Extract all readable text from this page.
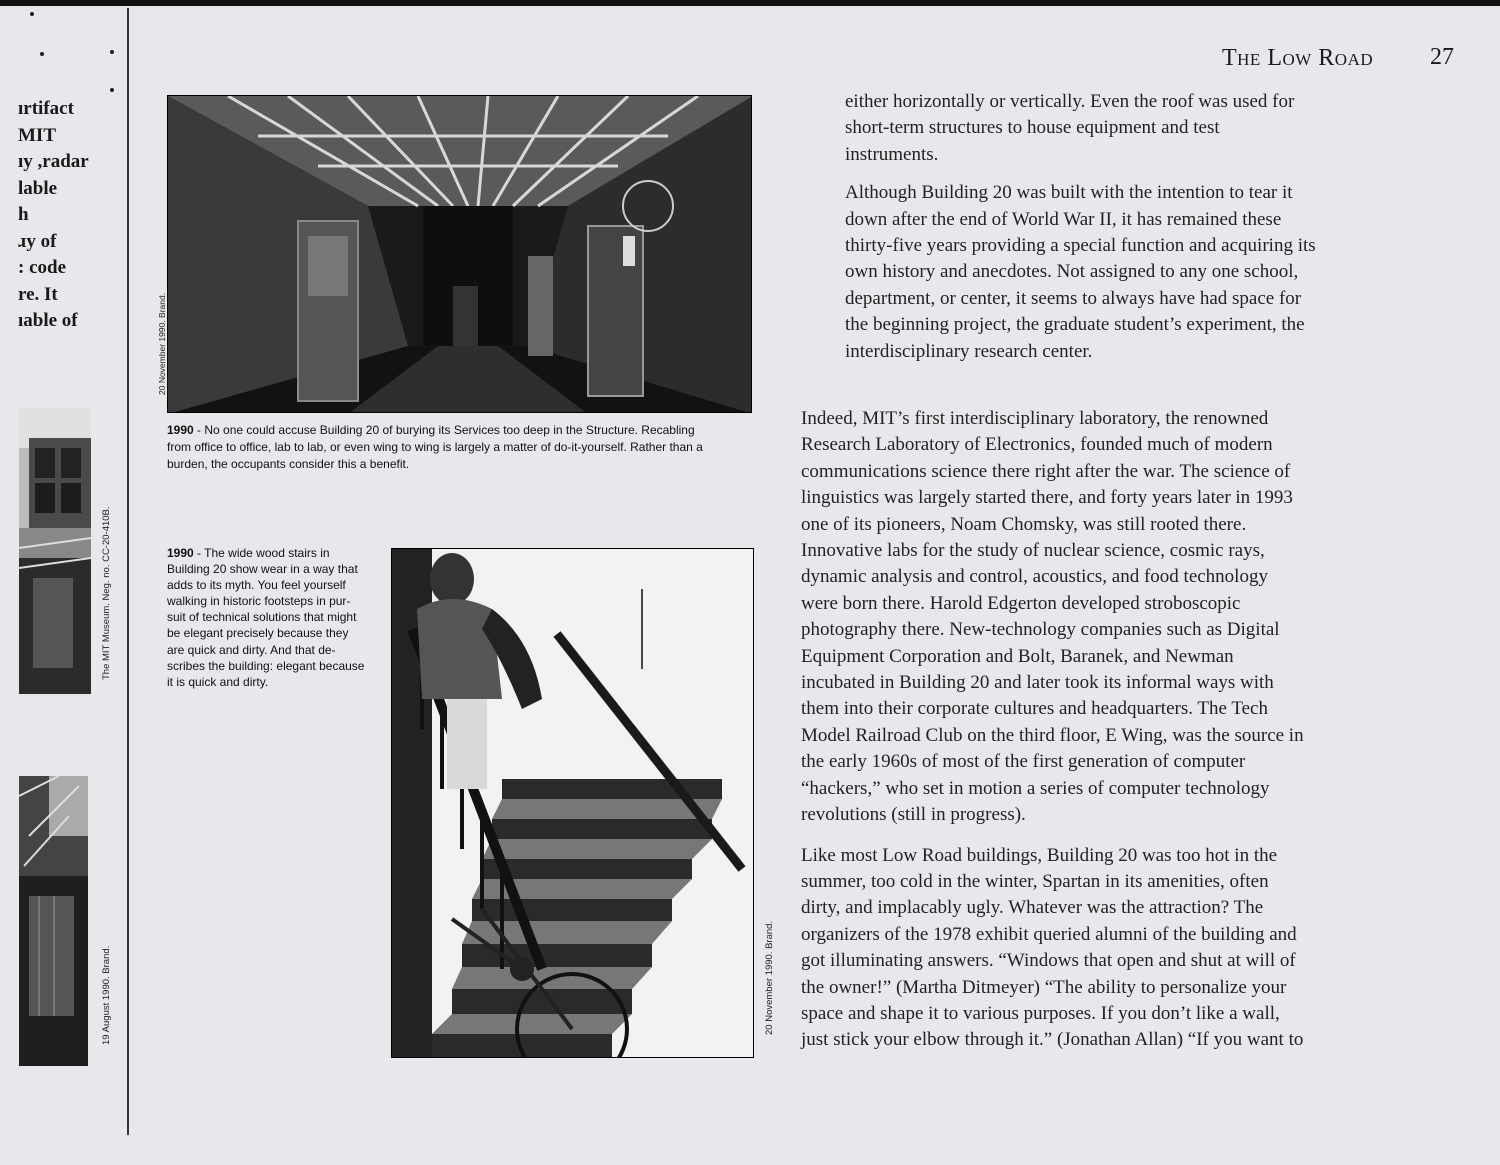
ırtifact
MIT
ıy ,radar
lable
h
ɹy of
: code
re. It
ıable of
The MIT Museum. Neg. no. CC-20-410B.
19 August 1990. Brand.
The Low Road 27
20 November 1990. Brand.
1990 - No one could accuse Building 20 of burying its Services too deep in the Structure. Recabling
from office to office, lab to lab, or even wing to wing is largely a matter of do-it-yourself. Rather than a
burden, the occupants consider this a benefit.
1990 - The wide wood stairs in
Building 20 show wear in a way that
adds to its myth. You feel yourself
walking in historic footsteps in pur-
suit of technical solutions that might
be elegant precisely because they
are quick and dirty. And that de-
scribes the building: elegant because
it is quick and dirty.
20 November 1990. Brand.

either horizontally or vertically. Even the roof was used for
short-term structures to house equipment and test
instruments.

Although Building 20 was built with the intention to tear it
down after the end of World War II, it has remained these
thirty-five years providing a special function and acquiring its
own history and anecdotes. Not assigned to any one school,
department, or center, it seems to always have had space for
the beginning project, the graduate student’s experiment, the
interdisciplinary research center.

Indeed, MIT’s first interdisciplinary laboratory, the renowned
Research Laboratory of Electronics, founded much of modern
communications science there right after the war. The science of
linguistics was largely started there, and forty years later in 1993
one of its pioneers, Noam Chomsky, was still rooted there.
Innovative labs for the study of nuclear science, cosmic rays,
dynamic analysis and control, acoustics, and food technology
were born there. Harold Edgerton developed stroboscopic
photography there. New-technology companies such as Digital
Equipment Corporation and Bolt, Baranek, and Newman
incubated in Building 20 and later took its informal ways with
them into their corporate cultures and headquarters. The Tech
Model Railroad Club on the third floor, E Wing, was the source in
the early 1960s of most of the first generation of computer
“hackers,” who set in motion a series of computer technology
revolutions (still in progress).

Like most Low Road buildings, Building 20 was too hot in the
summer, too cold in the winter, Spartan in its amenities, often
dirty, and implacably ugly. Whatever was the attraction? The
organizers of the 1978 exhibit queried alumni of the building and
got illuminating answers. “Windows that open and shut at will of
the owner!” (Martha Ditmeyer) “The ability to personalize your
space and shape it to various purposes. If you don’t like a wall,
just stick your elbow through it.” (Jonathan Allan) “If you want to
